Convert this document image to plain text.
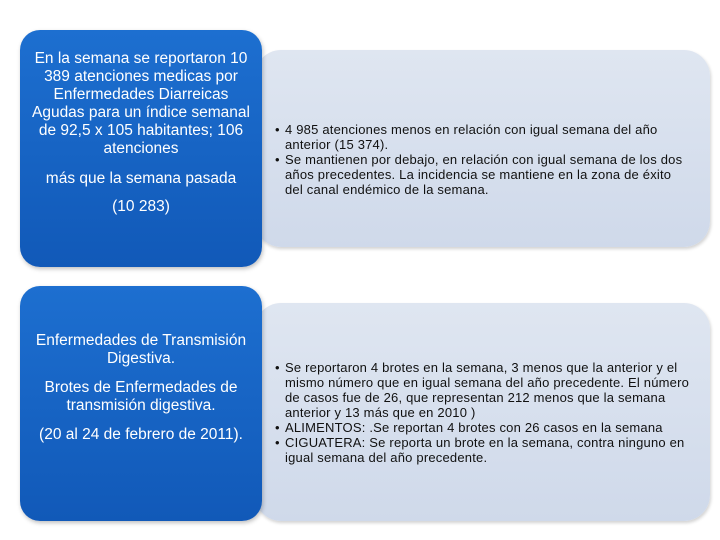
• 4 985 atenciones menos en relación con igual semana del año anterior (15 374).
• Se mantienen por debajo, en relación con igual semana de los dos años precedentes. La incidencia se mantiene en la zona de éxito del canal endémico de la semana.

En la semana se reportaron 10 389 atenciones medicas por Enfermedades Diarreicas Agudas para un índice semanal de 92,5 x 105 habitantes; 106 atenciones

más que la semana pasada

(10 283)

• Se reportaron 4 brotes en la semana, 3 menos que la anterior y el mismo número que en igual semana del año precedente. El número de casos fue de 26, que representan 212 menos que la semana anterior y 13 más que en 2010 )
• ALIMENTOS: .Se reportan 4 brotes con 26 casos en la semana
• CIGUATERA: Se reporta un brote en la semana, contra ninguno en igual semana del año precedente.

Enfermedades de Transmisión Digestiva.

Brotes de Enfermedades de transmisión digestiva.

(20 al 24 de febrero de 2011).
